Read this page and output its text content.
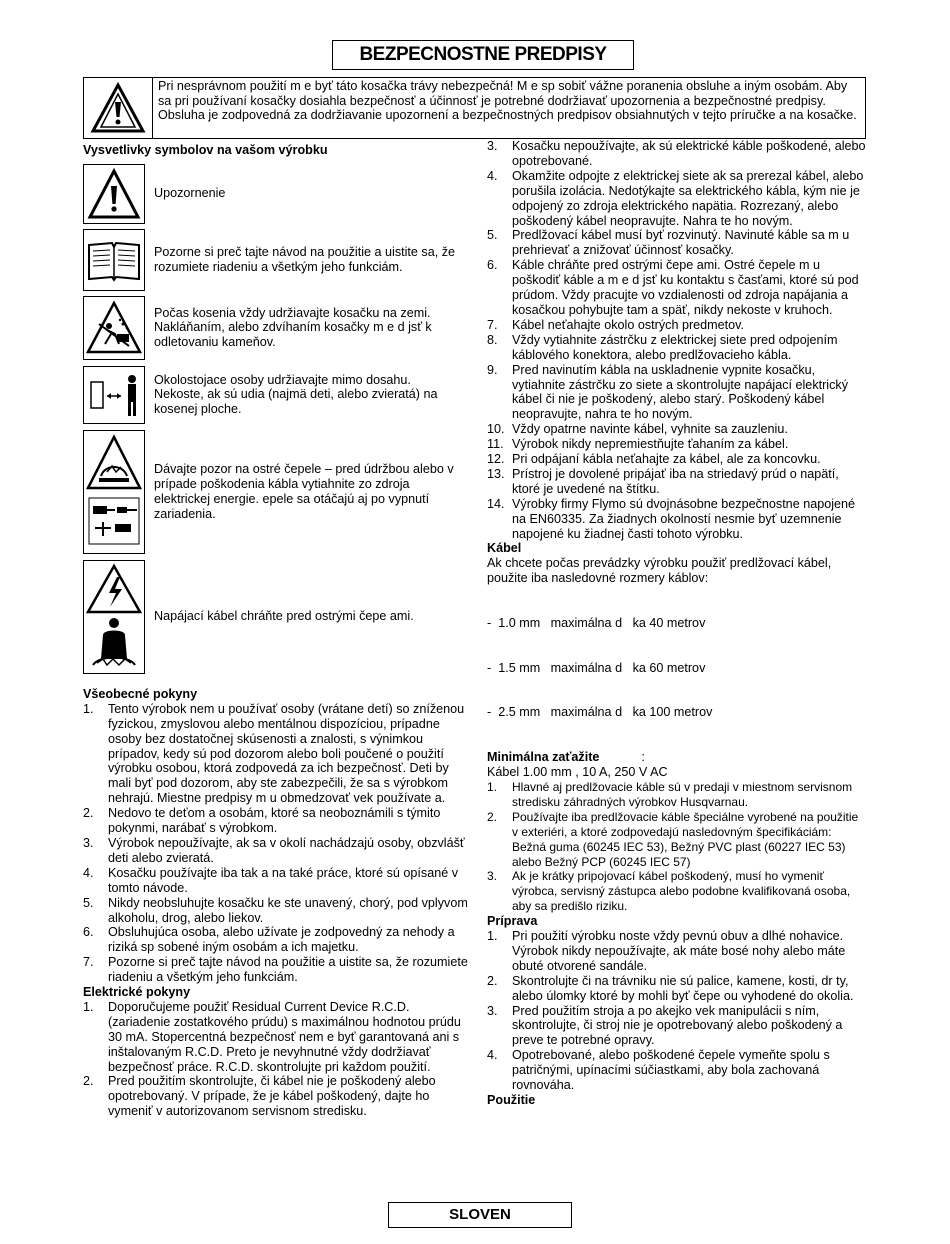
BEZPECNOSTNE PREDPISY
Pri nesprávnom použití m e byť táto kosačka trávy nebezpečná! M e sp sobiť vážne poranenia obsluhe a iným osobám. Aby sa pri používaní kosačky dosiahla bezpečnosť a účinnosť je potrebné dodržiavať upozornenia a bezpečnostné predpisy. Obsluha je zodpovedná za dodržiavanie upozornení a bezpečnostných predpisov obsiahnutých v tejto príručke a na kosačke.
Vysvetlivky symbolov na vašom výrobku
Upozornenie
Pozorne si preč tajte návod na použitie a uistite sa, že rozumiete riadeniu a všetkým jeho funkciám.
Počas kosenia vždy udržiavajte kosačku na zemi. Nakláňaním, alebo zdvíhaním kosačky m e d jsť k odletovaniu kameňov.
Okolostojace osoby udržiavajte mimo dosahu. Nekoste, ak sú udia (najmä deti, alebo zvieratá) na kosenej ploche.
Dávajte pozor na ostré čepele – pred údržbou alebo v prípade poškodenia kábla vytiahnite zo zdroja elektrickej energie. epele sa otáčajú aj po vypnutí zariadenia.
Napájací kábel chráňte pred ostrými čepe ami.
Všeobecné pokyny
1. Tento výrobok nem u používať osoby (vrátane detí) so zníženou fyzickou, zmyslovou alebo mentálnou dispozíciou, prípadne osoby bez dostatočnej skúsenosti a znalosti, s výnimkou prípadov, kedy sú pod dozorom alebo boli poučené o použití výrobku osobou, ktorá zodpovedá za ich bezpečnosť. Deti by mali byť pod dozorom, aby ste zabezpečili, že sa s výrobkom nehrajú. Miestne predpisy m u obmedzovať vek používate a.
2. Nedovo te deťom a osobám, ktoré sa neoboznámili s týmito pokynmi, narábať s výrobkom.
3. Výrobok nepoužívajte, ak sa v okolí nachádzajú osoby, obzvlášť deti alebo zvieratá.
4. Kosačku používajte iba tak a na také práce, ktoré sú opísané v tomto návode.
5. Nikdy neobsluhujte kosačku ke ste unavený, chorý, pod vplyvom alkoholu, drog, alebo liekov.
6. Obsluhujúca osoba, alebo užívate je zodpovedný za nehody a riziká sp sobené iným osobám a ich majetku.
7. Pozorne si preč tajte návod na použitie a uistite sa, že rozumiete riadeniu a všetkým jeho funkciám.
Elektrické pokyny
1. Doporučujeme použiť Residual Current Device R.C.D. (zariadenie zostatkového prúdu) s maximálnou hodnotou prúdu 30 mA. Stopercentná bezpečnosť nem e byť garantovaná ani s inštalovaným R.C.D. Preto je nevyhnutné vždy dodržiavať bezpečnosť práce. R.C.D. skontrolujte pri každom použití.
2. Pred použitím skontrolujte, či kábel nie je poškodený alebo opotrebovaný. V prípade, že je kábel poškodený, dajte ho vymeniť v autorizovanom servisnom stredisku.
3. Kosačku nepoužívajte, ak sú elektrické káble poškodené, alebo opotrebované.
4. Okamžite odpojte z elektrickej siete ak sa prerezal kábel, alebo porušila izolácia. Nedotýkajte sa elektrického kábla, kým nie je odpojený zo zdroja elektrického napätia. Rozrezaný, alebo poškodený kábel neopravujte. Nahra te ho novým.
5. Predlžovací kábel musí byť rozvinutý. Navinuté káble sa m u prehrievať a znižovať účinnosť kosačky.
6. Káble chráňte pred ostrými čepe ami. Ostré čepele m u poškodiť káble a m e d jsť ku kontaktu s časťami, ktoré sú pod prúdom. Vždy pracujte vo vzdialenosti od zdroja napájania a kosačkou pohybujte tam a späť, nikdy nekoste v kruhoch.
7. Kábel neťahajte okolo ostrých predmetov.
8. Vždy vytiahnite zástrčku z elektrickej siete pred odpojením káblového konektora, alebo predlžovacieho kábla.
9. Pred navinutím kábla na uskladnenie vypnite kosačku, vytiahnite zástrčku zo siete a skontrolujte napájací elektrický kábel či nie je poškodený, alebo starý. Poškodený kábel neopravujte, nahra te ho novým.
10. Vždy opatrne navinte kábel, vyhnite sa zauzleniu.
11. Výrobok nikdy nepremiestňujte ťahaním za kábel.
12. Pri odpájaní kábla neťahajte za kábel, ale za koncovku.
13. Prístroj je dovolené pripájať iba na striedavý prúd o napätí, ktoré je uvedené na štítku.
14. Výrobky firmy Flymo sú dvojnásobne bezpečnostne napojené na EN60335. Za žiadnych okolností nesmie byť uzemnenie napojené ku žiadnej časti tohoto výrobku.
Kábel

Ak chcete počas prevádzky výrobku použiť predlžovací kábel, použite iba nasledovné rozmery káblov:

-  1.0 mm   maximálna d   ka 40 metrov

-  1.5 mm   maximálna d   ka 60 metrov

-  2.5 mm   maximálna d   ka 100 metrov

Minimálna zaťažite	:

Kábel 1.00 mm , 10 A, 250 V AC

1. Hlavné aj predlžovacie káble sú v predaji v miestnom servisnom stredisku záhradných výrobkov Husqvarnau.
2. Používajte iba predlžovacie káble špeciálne vyrobené na použitie v exteriéri, a ktoré zodpovedajú nasledovným špecifikáciám: Bežná guma (60245 IEC 53), Bežný PVC plast (60227 IEC 53) alebo Bežný PCP (60245 IEC 57)
3. Ak je krátky pripojovací kábel poškodený, musí ho vymeniť výrobca, servisný zástupca alebo podobne kvalifikovaná osoba, aby sa predišlo riziku.
Príprava
1. Pri použití výrobku noste vždy pevnú obuv a dlhé nohavice. Výrobok nikdy nepoužívajte, ak máte bosé nohy alebo máte obuté otvorené sandále.
2. Skontrolujte či na trávniku nie sú palice, kamene, kosti, dr ty, alebo úlomky ktoré by mohli byť čepe ou vyhodené do okolia.
3. Pred použitím stroja a po akejko vek manipulácii s ním, skontrolujte, či stroj nie je opotrebovaný alebo poškodený a preve te potrebné opravy.
4. Opotrebované, alebo poškodené čepele vymeňte spolu s patričnými, upínacími súčiastkami, aby bola zachovaná rovnováha.
Použitie
SLOVEN
